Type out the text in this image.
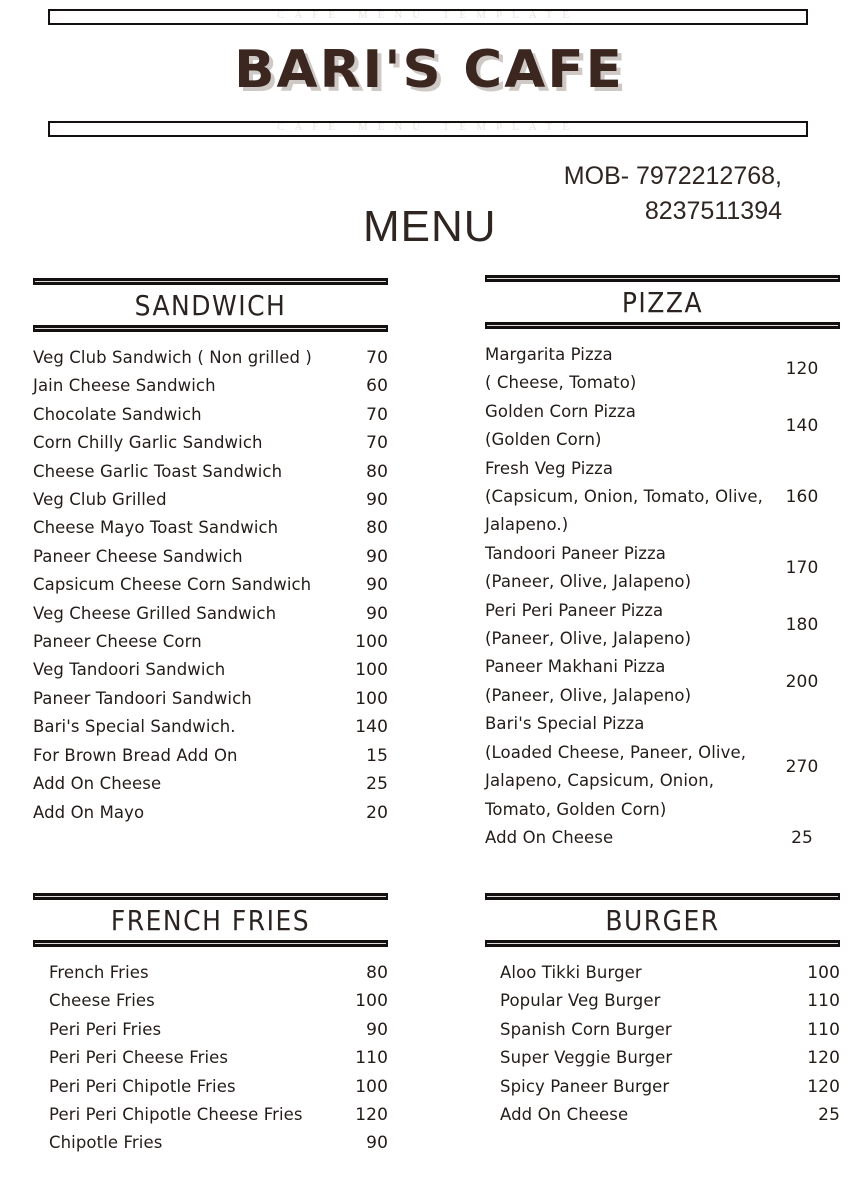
CAFE MENU TEMPLATE
BARI'S CAFE
CAFE MENU TEMPLATE
MOB- 7972212768,
8237511394
MENU
SANDWICH
Veg Club Sandwich ( Non grilled )	70
Jain Cheese Sandwich	60
Chocolate Sandwich	70
Corn Chilly Garlic Sandwich	70
Cheese Garlic Toast Sandwich	80
Veg Club Grilled	90
Cheese Mayo Toast Sandwich	80
Paneer Cheese Sandwich	90
Capsicum Cheese Corn Sandwich	90
Veg Cheese Grilled Sandwich	90
Paneer Cheese Corn	100
Veg Tandoori Sandwich	100
Paneer Tandoori Sandwich	100
Bari's Special Sandwich.	140
For Brown Bread Add On	15
Add On Cheese	25
Add On Mayo	20
PIZZA
Margarita Pizza
( Cheese, Tomato)
120
Golden Corn Pizza
(Golden Corn)
140
Fresh Veg Pizza
(Capsicum, Onion, Tomato, Olive,
Jalapeno.)
160
Tandoori Paneer Pizza
(Paneer, Olive, Jalapeno)
170
Peri Peri Paneer Pizza
(Paneer, Olive, Jalapeno)
180
Paneer Makhani Pizza
(Paneer, Olive, Jalapeno)
200
Bari's Special Pizza
(Loaded Cheese, Paneer, Olive,
Jalapeno, Capsicum, Onion,
Tomato, Golden Corn)
270
Add On Cheese	25
FRENCH FRIES
French Fries	80
Cheese Fries	100
Peri Peri Fries	90
Peri Peri Cheese Fries	110
Peri Peri Chipotle Fries	100
Peri Peri Chipotle Cheese Fries	120
Chipotle Fries	90
BURGER
Aloo Tikki Burger	100
Popular Veg Burger	110
Spanish Corn Burger	110
Super Veggie Burger	120
Spicy Paneer Burger	120
Add On Cheese	25
